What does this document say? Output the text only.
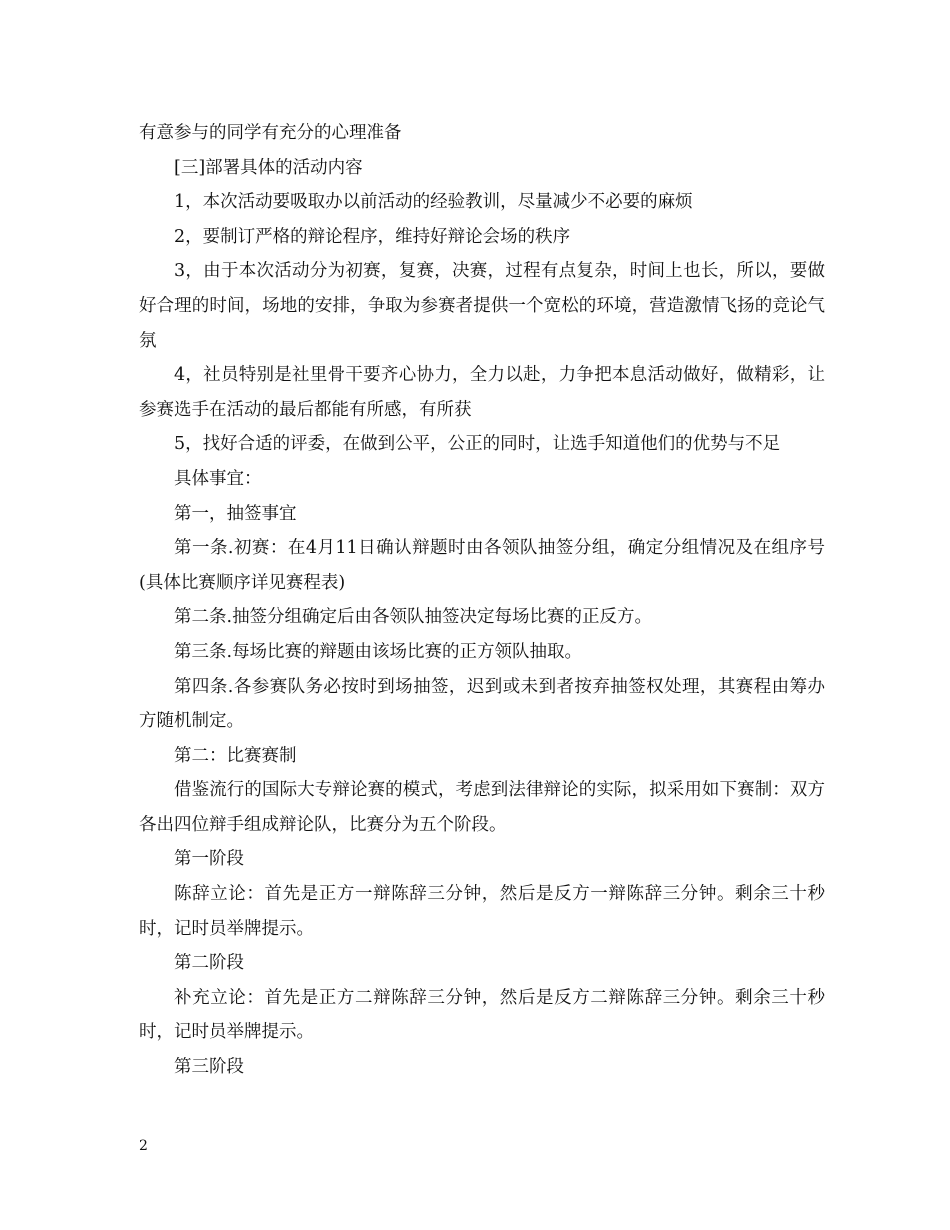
有意参与的同学有充分的心理准备

[三]部署具体的活动内容

1，本次活动要吸取办以前活动的经验教训，尽量减少不必要的麻烦

2，要制订严格的辩论程序，维持好辩论会场的秩序

3，由于本次活动分为初赛，复赛，决赛，过程有点复杂，时间上也长，所以，要做好合理的时间，场地的安排，争取为参赛者提供一个宽松的环境，营造激情飞扬的竞论气氛

4，社员特别是社里骨干要齐心协力，全力以赴，力争把本息活动做好，做精彩，让参赛选手在活动的最后都能有所感，有所获

5，找好合适的评委，在做到公平，公正的同时，让选手知道他们的优势与不足

具体事宜：

第一，抽签事宜

第一条.初赛：在4月11日确认辩题时由各领队抽签分组，确定分组情况及在组序号(具体比赛顺序详见赛程表)

第二条.抽签分组确定后由各领队抽签决定每场比赛的正反方。

第三条.每场比赛的辩题由该场比赛的正方领队抽取。

第四条.各参赛队务必按时到场抽签，迟到或未到者按弃抽签权处理，其赛程由筹办方随机制定。

第二：比赛赛制

借鉴流行的国际大专辩论赛的模式，考虑到法律辩论的实际，拟采用如下赛制：双方各出四位辩手组成辩论队，比赛分为五个阶段。

第一阶段

陈辞立论：首先是正方一辩陈辞三分钟，然后是反方一辩陈辞三分钟。剩余三十秒时，记时员举牌提示。

第二阶段

补充立论：首先是正方二辩陈辞三分钟，然后是反方二辩陈辞三分钟。剩余三十秒时，记时员举牌提示。

第三阶段

2
